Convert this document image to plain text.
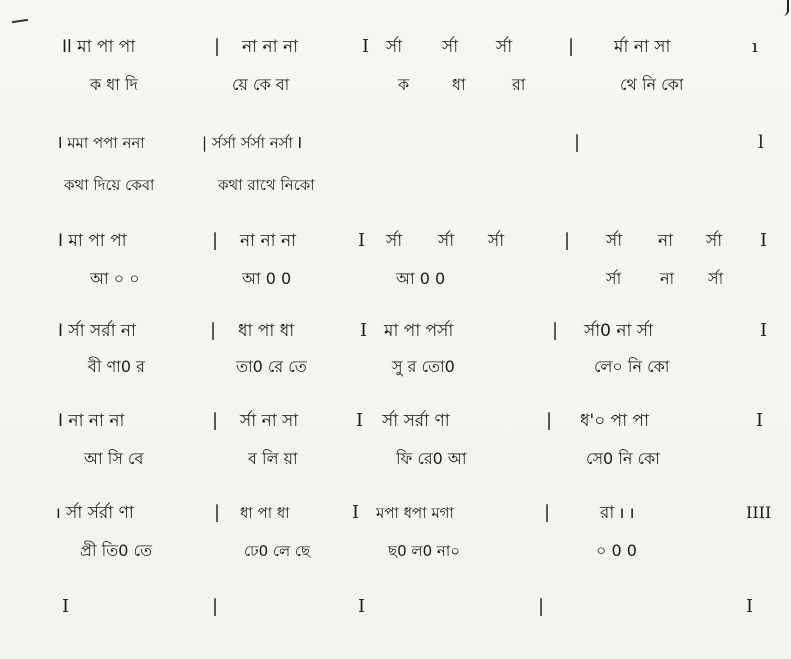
Il মা পা পা	| না না না	I র্সা র্সা র্সা	| র্মা না সা	ı
ক ধা দি	য়ে কে বা	ক	ধা	রা	থে নি কো
I মমা পপা ননা	| র্সর্সা র্সর্সা নর্সা I	|	l
কথা দিয়ে কেবা	কথা রাথে নিকো
I মা পা পা	| না না না	I র্সা র্সা র্সা	| র্সা না র্সা I
আ ০ ০	আ 0 0	আ 0 0	র্সা না র্সা
I র্সা সর্রা না	| ধা পা ধা	I মা পা পর্সা	| র্সা0 না র্সা	I
বী ণা0 র	তা0 রে তে	সু র তো0	লে০ নি কো
I না না না	| র্সা না সা	I র্সা সর্রা ণা	| ধ'০ পা পা	I
আ সি বে	ব লি য়া	ফি রে0 আ	সে0 নি কো
ı র্সা র্সর্রা ণা	| ধা পা ধা	I মপা ধপা মগা	|	রা ı ı	IIII
প্রী তি0 তে	ঢে0 লে ছে	ছ0 ল0 না০	০ 0 0
I	|	I	|	I
